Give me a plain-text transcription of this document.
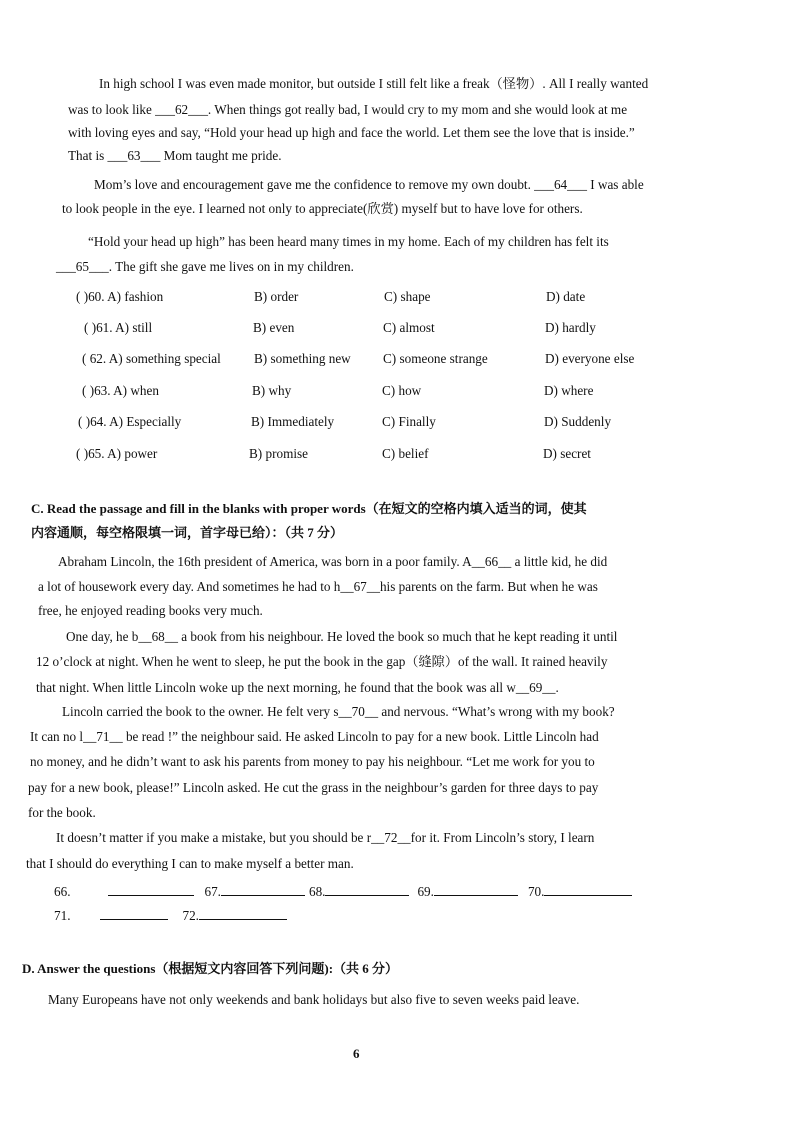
In high school I was even made monitor, but outside I still felt like a freak（怪物）. All I really wanted
was to look like ___62___. When things got really bad, I would cry to my mom and she would look at me
with loving eyes and say, “Hold your head up high and face the world. Let them see the love that is inside.”
That is ___63___ Mom taught me pride.
Mom’s love and encouragement gave me the confidence to remove my own doubt. ___64___ I was able
to look people in the eye. I learned not only to appreciate(欣赏) myself but to have love for others.
“Hold your head up high” has been heard many times in my home. Each of my children has felt its
___65___. The gift she gave me lives on in my children.
( )60. A) fashion	B) order	C) shape	D) date
( )61. A) still	B) even	C) almost	D) hardly
( 62. A) something special	B) something new C) someone strange	D) everyone else
( )63. A) when	B) why	C) how	D) where
( )64. A) Especially	B) Immediately	C) Finally	D) Suddenly
( )65. A) power	B) promise	C) belief	D) secret
C. Read the passage and fill in the blanks with proper words（在短文的空格内填入适当的词，使其
内容通顺，每空格限填一词，首字母已给）：（共 7 分）
Abraham Lincoln, the 16th president of America, was born in a poor family. A__66__ a little kid, he did
a lot of housework every day. And sometimes he had to h__67__his parents on the farm. But when he was
free, he enjoyed reading books very much.
One day, he b__68__ a book from his neighbour. He loved the book so much that he kept reading it until
12 o’clock at night. When he went to sleep, he put the book in the gap（缝隙）of the wall. It rained heavily
that night. When little Lincoln woke up the next morning, he found that the book was all w__69__.
Lincoln carried the book to the owner. He felt very s__70__ and nervous. “What’s wrong with my book?
It can no l__71__ be read !” the neighbour said. He asked Lincoln to pay for a new book. Little Lincoln had
no money, and he didn’t want to ask his parents from money to pay his neighbour. “Let me work for you to
pay for a new book, please!” Lincoln asked. He cut the grass in the neighbour’s garden for three days to pay
for the book.
It doesn’t matter if you make a mistake, but you should be r__72__for it. From Lincoln’s story, I learn
that I should do everything I can to make myself a better man.
66.	67.	68.	69.	70.
71.	72.
D. Answer the questions（根据短文内容回答下列问题):（共 6 分）
Many Europeans have not only weekends and bank holidays but also five to seven weeks paid leave.
6
